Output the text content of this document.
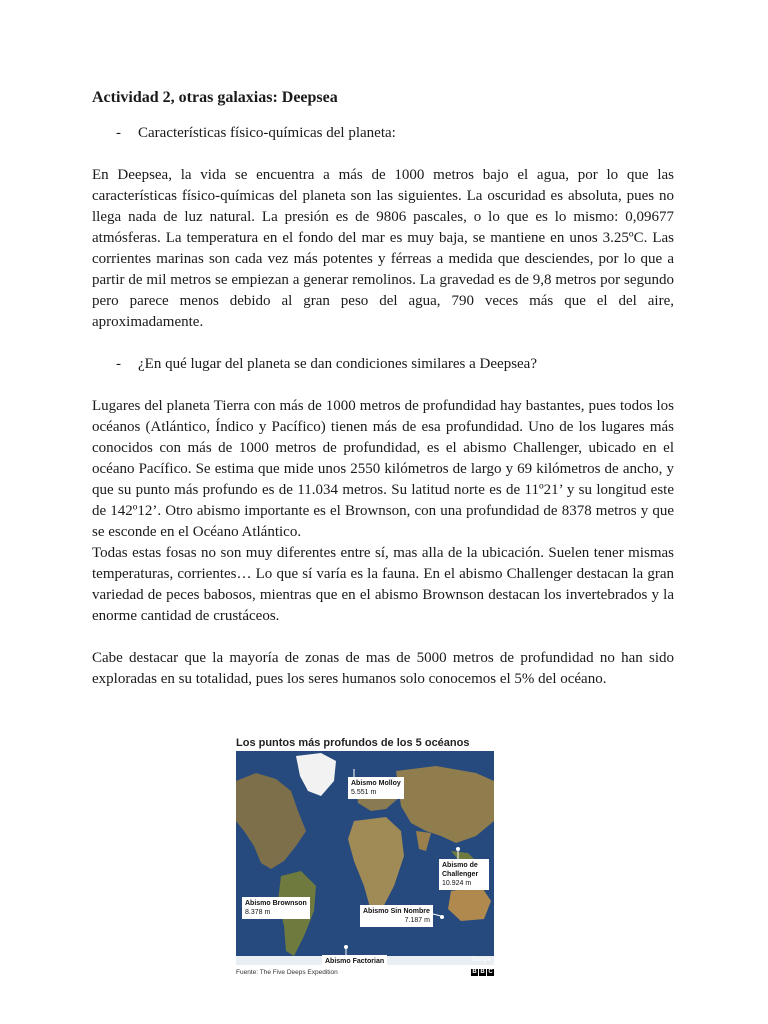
Actividad 2, otras galaxias: Deepsea

-	Características físico-químicas del planeta:

En Deepsea, la vida se encuentra a más de 1000 metros bajo el agua, por lo que las características físico-químicas del planeta son las siguientes. La oscuridad es absoluta, pues no llega nada de luz natural. La presión es de 9806 pascales, o lo que es lo mismo: 0,09677 atmósferas. La temperatura en el fondo del mar es muy baja, se mantiene en unos 3.25ºC. Las corrientes marinas son cada vez más potentes y férreas a medida que desciendes, por lo que a partir de mil metros se empiezan a generar remolinos. La gravedad es de 9,8 metros por segundo pero parece menos debido al gran peso del agua, 790 veces más que el del aire, aproximadamente.

-	¿En qué lugar del planeta se dan condiciones similares a Deepsea?

Lugares del planeta Tierra con más de 1000 metros de profundidad hay bastantes, pues todos los océanos (Atlántico, Índico y Pacífico) tienen más de esa profundidad. Uno de los lugares más conocidos con más de 1000 metros de profundidad, es el abismo Challenger, ubicado en el océano Pacífico. Se estima que mide unos 2550 kilómetros de largo y 69 kilómetros de ancho, y que su punto más profundo es de 11.034 metros. Su latitud norte es de 11º21’ y su longitud este de 142º12’. Otro abismo importante es el Brownson, con una profundidad de 8378 metros y que se esconde en el Océano Atlántico.

Todas estas fosas no son muy diferentes entre sí, mas alla de la ubicación. Suelen tener mismas temperaturas, corrientes… Lo que sí varía es la fauna. En el abismo Challenger destacan la gran variedad de peces babosos, mientras que en el abismo Brownson destacan los invertebrados y la enorme cantidad de crustáceos.

Cabe destacar que la mayoría de zonas de mas de 5000 metros de profundidad no han sido exploradas en su totalidad, pues los seres humanos solo conocemos el 5% del océano.

Los puntos más profundos de los 5 océanos
Abismo Molloy
5.551 m
Abismo de Challenger
10.924 m
Abismo Brownson
8.378 m	Abismo Sin Nombre
7.187 m
Abismo Factorian	Google
Fuente: The Five Deeps Expedition	B B C
